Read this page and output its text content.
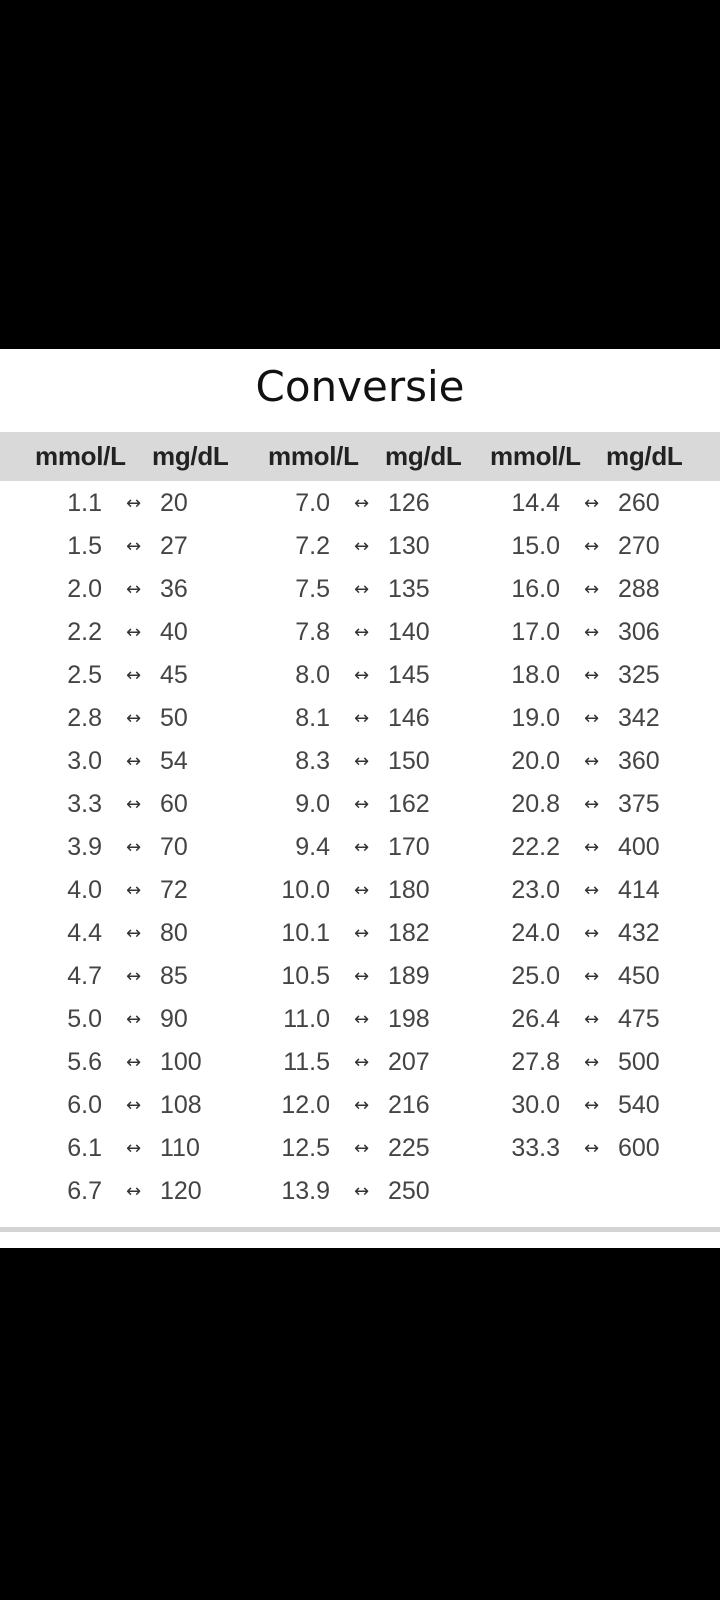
Conversie
mmol/L mg/dL mmol/L mg/dL mmol/L mg/dL
1.1 ↔ 20
1.5 ↔ 27
2.0 ↔ 36
2.2 ↔ 40
2.5 ↔ 45
2.8 ↔ 50
3.0 ↔ 54
3.3 ↔ 60
3.9 ↔ 70
4.0 ↔ 72
4.4 ↔ 80
4.7 ↔ 85
5.0 ↔ 90
5.6 ↔ 100
6.0 ↔ 108
6.1 ↔ 110
6.7 ↔ 120
7.0 ↔ 126
7.2 ↔ 130
7.5 ↔ 135
7.8 ↔ 140
8.0 ↔ 145
8.1 ↔ 146
8.3 ↔ 150
9.0 ↔ 162
9.4 ↔ 170
10.0 ↔ 180
10.1 ↔ 182
10.5 ↔ 189
11.0 ↔ 198
11.5 ↔ 207
12.0 ↔ 216
12.5 ↔ 225
13.9 ↔ 250
14.4 ↔ 260
15.0 ↔ 270
16.0 ↔ 288
17.0 ↔ 306
18.0 ↔ 325
19.0 ↔ 342
20.0 ↔ 360
20.8 ↔ 375
22.2 ↔ 400
23.0 ↔ 414
24.0 ↔ 432
25.0 ↔ 450
26.4 ↔ 475
27.8 ↔ 500
30.0 ↔ 540
33.3 ↔ 600
